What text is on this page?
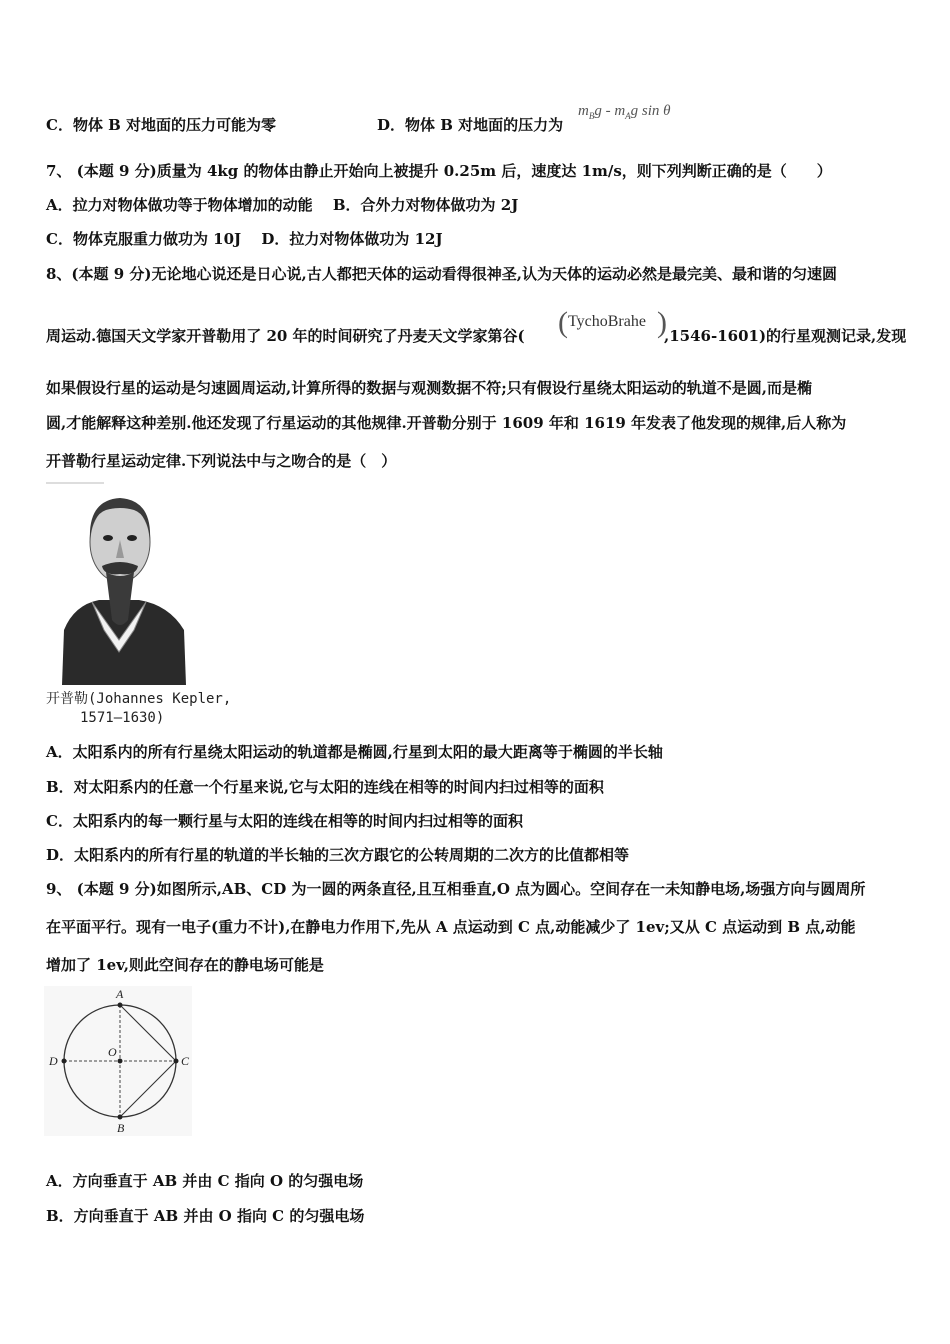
C．物体 B 对地面的压力可能为零	D．物体 B 对地面的压力为
$m_Bg - m_Ag$ sin θ
7、 (本题 9 分)质量为 4kg 的物体由静止开始向上被提升 0.25m 后，速度达 1m/s，则下列判断正确的是（　　）
A．拉力对物体做功等于物体增加的动能　 B．合外力对物体做功为 2J
C．物体克服重力做功为 10J　 D．拉力对物体做功为 12J
8、(本题 9 分)无论地心说还是日心说,古人都把天体的运动看得很神圣,认为天体的运动必然是最完美、最和谐的匀速圆
周运动.德国天文学家开普勒用了 20 年的时间研究了丹麦天文学家第谷( ( TychoBrahe )
,1546-1601)的行星观测记录,发现
如果假设行星的运动是匀速圆周运动,计算所得的数据与观测数据不符;只有假设行星绕太阳运动的轨道不是圆,而是椭
圆,才能解释这种差别.他还发现了行星运动的其他规律.开普勒分别于 1609 年和 1619 年发表了他发现的规律,后人称为
开普勒行星运动定律.下列说法中与之吻合的是（　）
开普勒(Johannes Kepler,
1571—1630)
A．太阳系内的所有行星绕太阳运动的轨道都是椭圆,行星到太阳的最大距离等于椭圆的半长轴
B．对太阳系内的任意一个行星来说,它与太阳的连线在相等的时间内扫过相等的面积
C．太阳系内的每一颗行星与太阳的连线在相等的时间内扫过相等的面积
D．太阳系内的所有行星的轨道的半长轴的三次方跟它的公转周期的二次方的比值都相等
9、 (本题 9 分)如图所示,AB、CD 为一圆的两条直径,且互相垂直,O 点为圆心。空间存在一未知静电场,场强方向与圆周所
在平面平行。现有一电子(重力不计),在静电力作用下,先从 A 点运动到 C 点,动能减少了 1ev;又从 C 点运动到 B 点,动能
增加了 1ev,则此空间存在的静电场可能是
A
B
C
D
O
A．方向垂直于 AB 并由 C 指向 O 的匀强电场
B．方向垂直于 AB 并由 O 指向 C 的匀强电场
